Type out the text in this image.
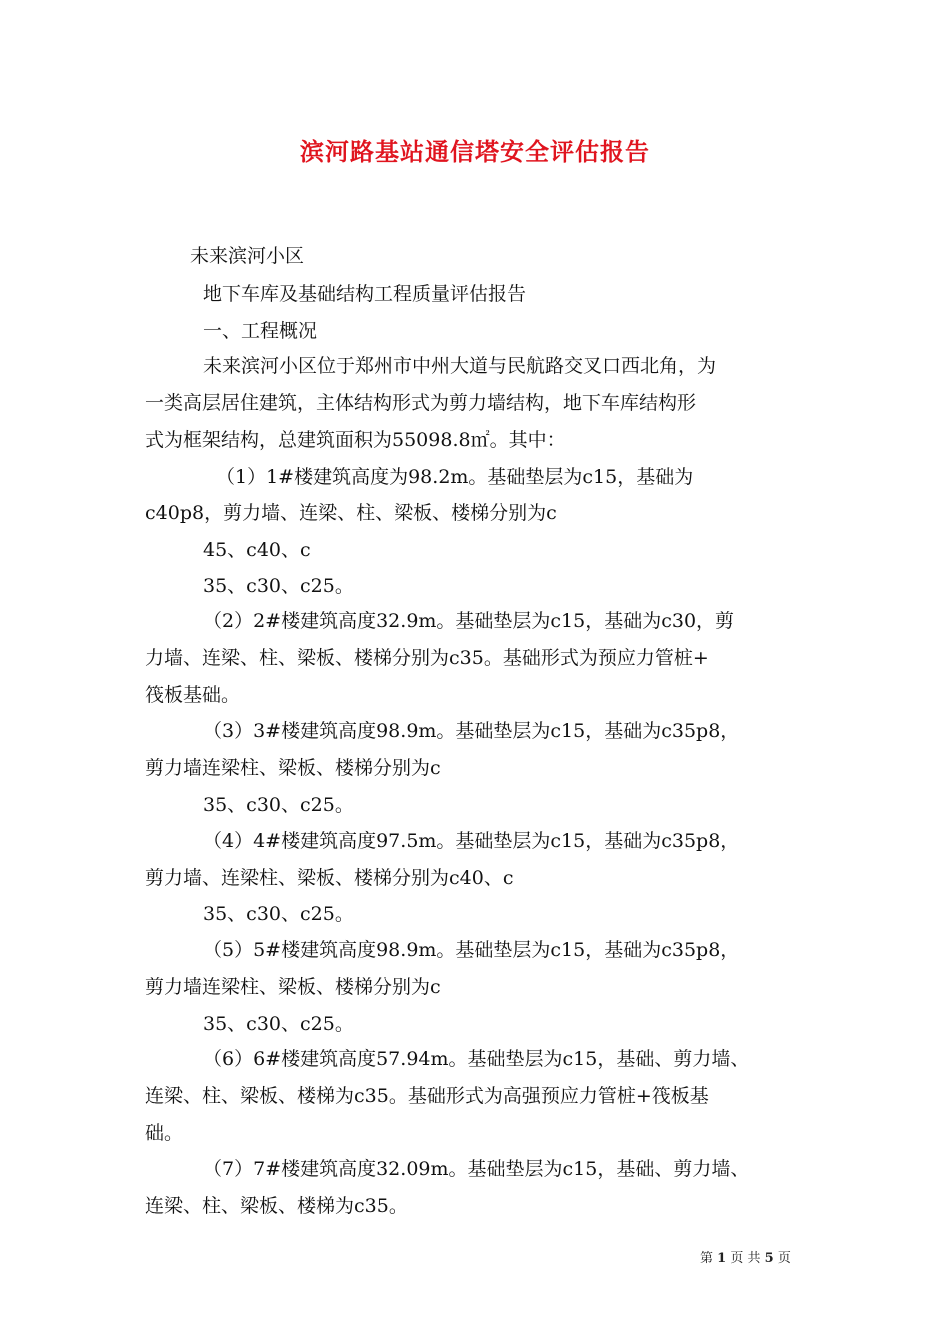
滨河路基站通信塔安全评估报告
未来滨河小区
地下车库及基础结构工程质量评估报告
一、工程概况
未来滨河小区位于郑州市中州大道与民航路交叉口西北角，为
一类高层居住建筑，主体结构形式为剪力墙结构，地下车库结构形
式为框架结构，总建筑面积为55098.8㎡。其中：
（1）1#楼建筑高度为98.2m。基础垫层为c15，基础为
c40p8，剪力墙、连梁、柱、梁板、楼梯分别为c
45、c40、c
35、c30、c25。
（2）2#楼建筑高度32.9m。基础垫层为c15，基础为c30，剪
力墙、连梁、柱、梁板、楼梯分别为c35。基础形式为预应力管桩+
筏板基础。
（3）3#楼建筑高度98.9m。基础垫层为c15，基础为c35p8，
剪力墙连梁柱、梁板、楼梯分别为c
35、c30、c25。
（4）4#楼建筑高度97.5m。基础垫层为c15，基础为c35p8，
剪力墙、连梁柱、梁板、楼梯分别为c40、c
35、c30、c25。
（5）5#楼建筑高度98.9m。基础垫层为c15，基础为c35p8，
剪力墙连梁柱、梁板、楼梯分别为c
35、c30、c25。
（6）6#楼建筑高度57.94m。基础垫层为c15，基础、剪力墙、
连梁、柱、梁板、楼梯为c35。基础形式为高强预应力管桩+筏板基
础。
（7）7#楼建筑高度32.09m。基础垫层为c15，基础、剪力墙、
连梁、柱、梁板、楼梯为c35。
第 1 页 共 5 页
